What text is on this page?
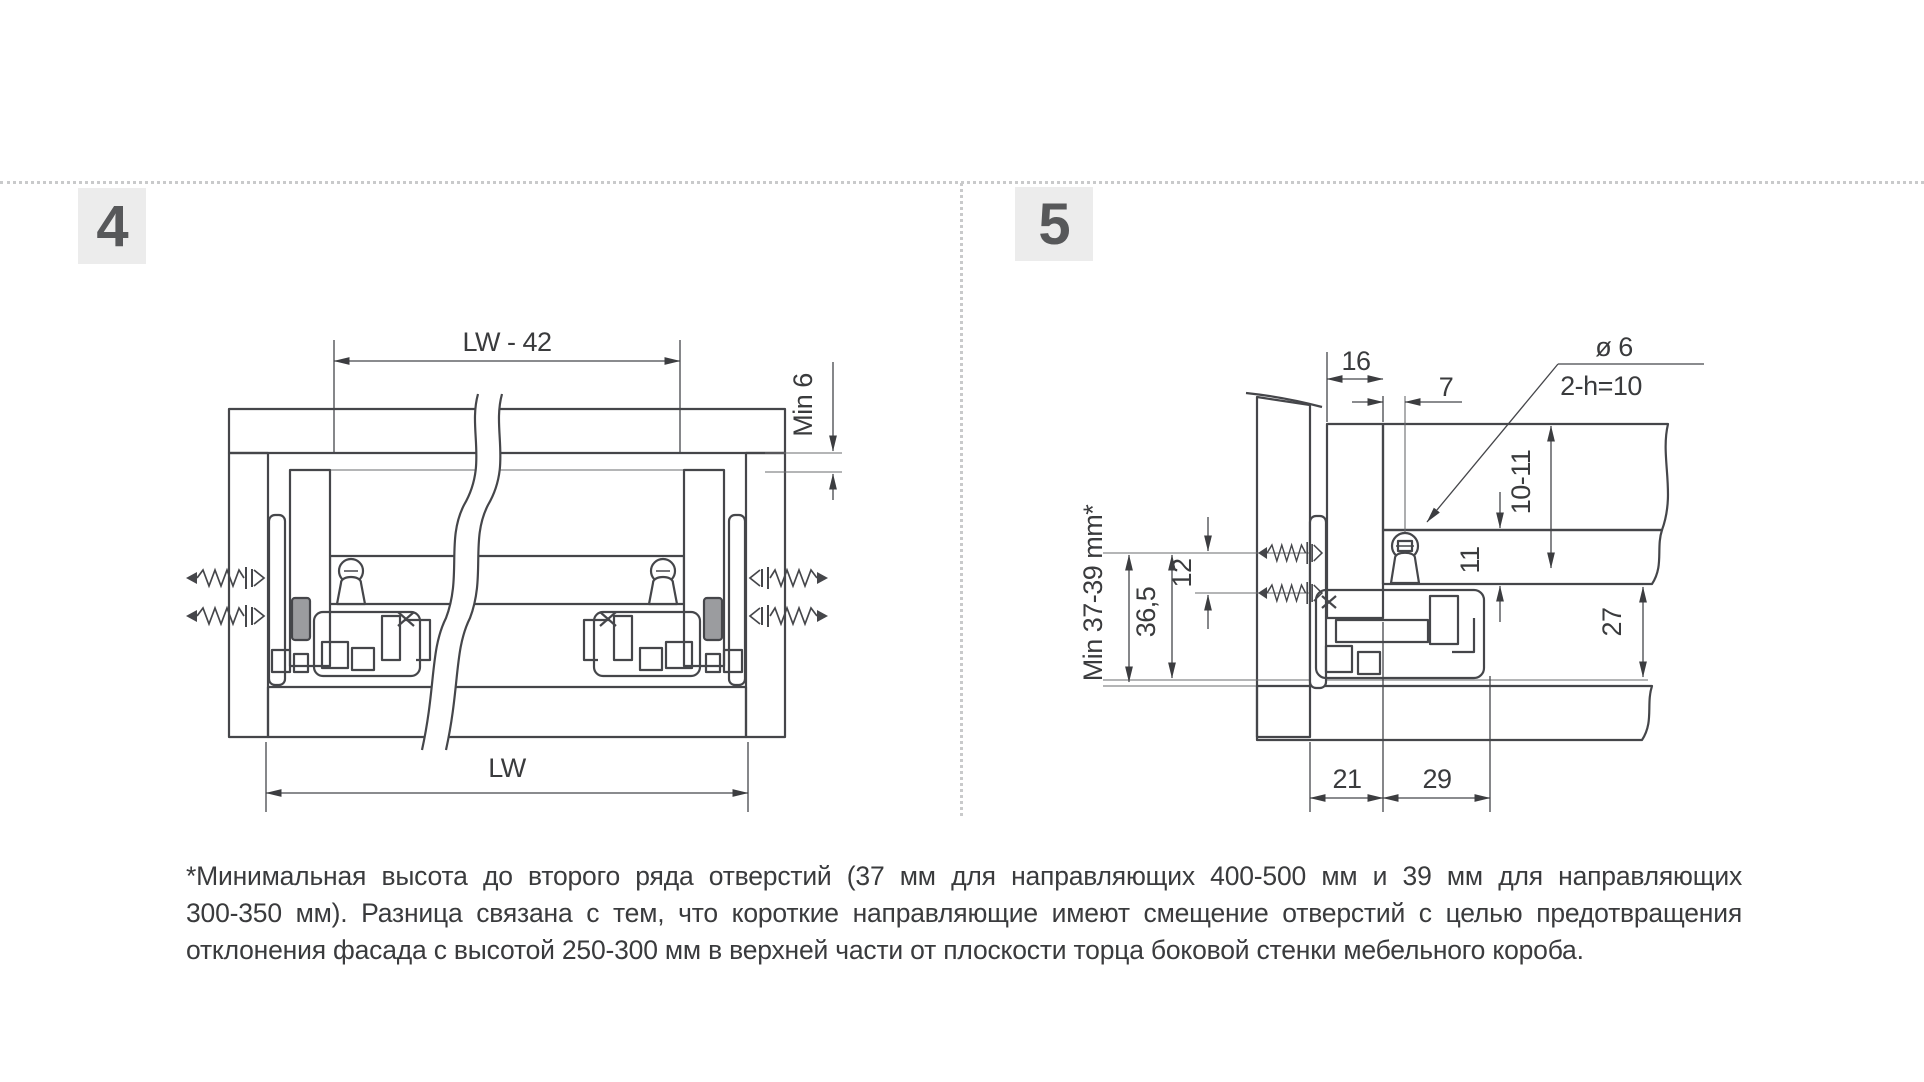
4	5
LW - 42
Min 6
LW
16
7
ø 6
2-h=10
10-11
11
27
12
36,5
Min 37-39 mm*
21 29
*Минимальная высота до второго ряда отверстий (37 мм для направляющих 400-500 мм и 39 мм для направляющих
300-350 мм). Разница связана с тем, что короткие направляющие имеют смещение отверстий с целью предотвращения
отклонения фасада с высотой 250-300 мм в верхней части от плоскости торца боковой стенки мебельного короба.
